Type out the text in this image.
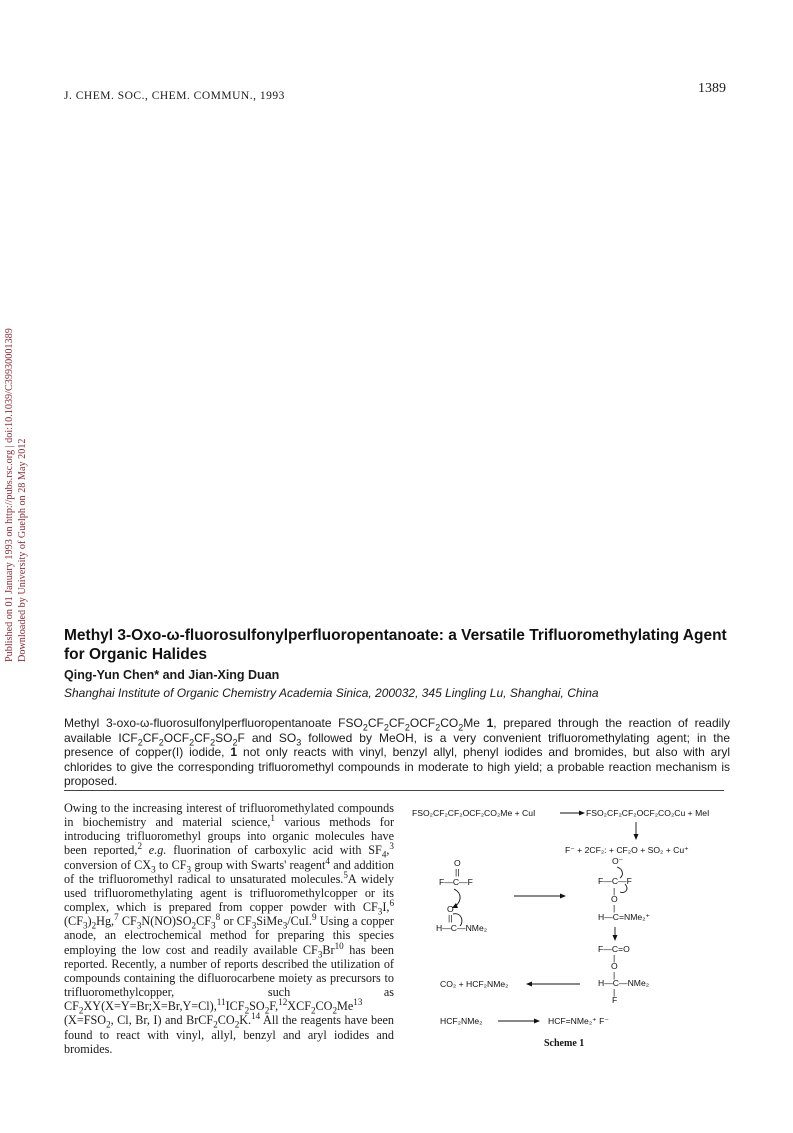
J. CHEM. SOC., CHEM. COMMUN., 1993	1389
Published on 01 January 1993 on http://pubs.rsc.org | doi:10.1039/C39930001389 Downloaded by University of Guelph on 28 May 2012 Methyl 3-Oxo-ω-fluorosulfonylperfluoropentanoate: a Versatile Trifluoromethylating Agent for Organic Halides
Qing-Yun Chen* and Jian-Xing Duan
Shanghai Institute of Organic Chemistry Academia Sinica, 200032, 345 Lingling Lu, Shanghai, China

Methyl 3-oxo-ω-fluorosulfonylperfluoropentanoate $FSO_2CF_2CF_2OCF_2CO_2Me$ 1, prepared through the reaction of readily available $ICF_2CF_2OCF_2CF_2SO_2F$ and $SO_3$ followed by MeOH, is a very convenient trifluoromethylating agent; in the presence of copper(I) iodide, 1 not only reacts with vinyl, benzyl allyl, phenyl iodides and bromides, but also with aryl chlorides to give the corresponding trifluoromethyl compounds in moderate to high yield; a probable reaction mechanism is proposed.

Owing to the increasing interest of trifluoromethylated compounds in biochemistry and material science,$^1$ various methods for introducing trifluoromethyl groups into organic molecules have been reported,$^2$ e.g. fluorination of carboxylic acid with $SF_4,^3$ conversion of $CX_3$ to $CF_3$ group with Swarts' reagent$^4$ and addition of the trifluoromethyl radical to unsaturated molecules.$^5$A widely used trifluoromethylating agent is trifluoromethylcopper or its complex, which is prepared from copper powder with $CF_3I,^6$ $(CF_3)_2Hg,^7$ $CF_3N(NO)SO_2CF_3^8$ or $CF_3SiMe_3/CuI.^9$ Using a copper anode, an electrochemical method for preparing this species employing the low cost and readily available $CF_3Br^{10}$ has been reported. Recently, a number of reports described the utilization of compounds containing the difluorocarbene moiety as precursors to trifluoromethylcopper, such as $CF_2XY(X=Y=Br;X=Br,Y=Cl),^{11}ICF_2SO_2F,^{12}XCF_2CO_2Me^{13}$ ($X=FSO_2$, Cl, Br, I) and $BrCF_2CO_2K.^{14}$ All the reagents have been found to react with vinyl, allyl, benzyl and aryl iodides and bromides.

FSO₂CF₂CF₂OCF₂CO₂Me + CuI	FSO₂CF₂CF₂OCF₂CO₂Cu + MeI
F⁻ + 2CF₂: + CF₂O + SO₂ + Cu⁺
O
||
F—C—F
O
||
H—C—NMe₂
O⁻
F—C—F
|
O
|
H—C=NMe₂⁺
F—C=O
|
O
|
H—C—NMe₂
|
F
CO₂ + HCF₂NMe₂
HCF₂NMe₂	HCF=NMe₂⁺ F⁻
Scheme 1
